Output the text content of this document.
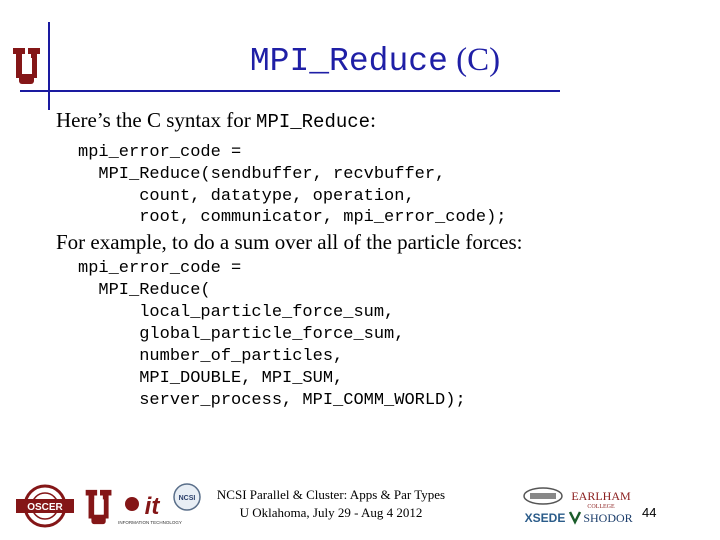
MPI_Reduce (C)
Here’s the C syntax for MPI_Reduce:
mpi_error_code =
MPI_Reduce(sendbuffer, recvbuffer,
count, datatype, operation,
root, communicator, mpi_error_code);
For example, to do a sum over all of the particle forces:
mpi_error_code =
MPI_Reduce(
local_particle_force_sum,
global_particle_force_sum,
number_of_particles,
MPI_DOUBLE, MPI_SUM,
server_process, MPI_COMM_WORLD);
OSCER	it
INFORMATION TECHNOLOGY
NCSI	NCSI Parallel & Cluster: Apps & Par Types
U Oklahoma, July 29 - Aug 4 2012	XSEDE
EARLHAM
COLLEGE
SHODOR 44
